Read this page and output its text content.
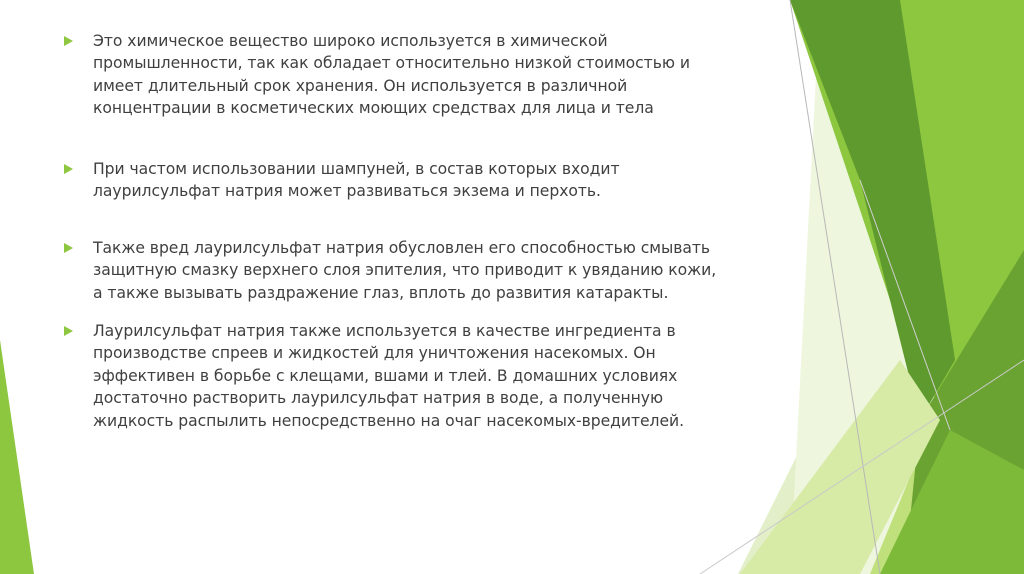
Это химическое вещество широко используется в химической
промышленности, так как обладает относительно низкой стоимостью и
имеет длительный срок хранения. Он используется в различной
концентрации в косметических моющих средствах для лица и тела
При частом использовании шампуней, в состав которых входит
лаурилсульфат натрия может развиваться экзема и перхоть.
Также вред лаурилсульфат натрия обусловлен его способностью смывать
защитную смазку верхнего слоя эпителия, что приводит к увяданию кожи,
а также вызывать раздражение глаз, вплоть до развития катаракты.
Лаурилсульфат натрия также используется в качестве ингредиента в
производстве спреев и жидкостей для уничтожения насекомых. Он
эффективен в борьбе с клещами, вшами и тлей. В домашних условиях
достаточно растворить лаурилсульфат натрия в воде, а полученную
жидкость распылить непосредственно на очаг насекомых-вредителей.
